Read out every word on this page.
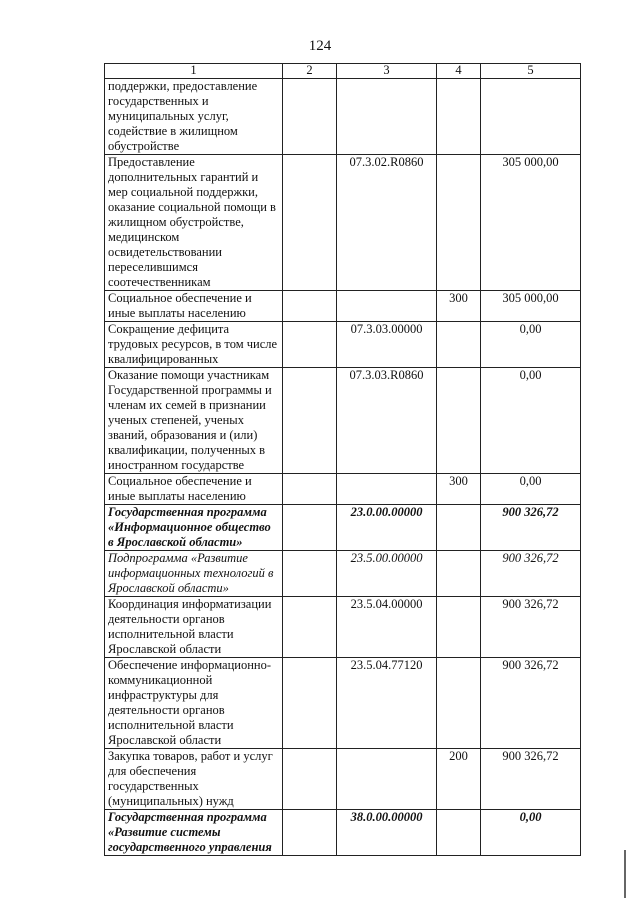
124
1	2	3	4	5
поддержки, предоставление государственных и муниципальных услуг, содействие в жилищном обустройстве				
Предоставление дополнительных гарантий и мер социальной поддержки, оказание социальной помощи в жилищном обустройстве, медицинском освидетельствовании переселившимся соотечественникам		07.3.02.R0860		305 000,00
Социальное обеспечение и иные выплаты населению			300	305 000,00
Сокращение дефицита трудовых ресурсов, в том числе квалифицированных		07.3.03.00000		0,00
Оказание помощи участникам Государственной программы и членам их семей в признании ученых степеней, ученых званий, образования и (или) квалификации, полученных в иностранном государстве		07.3.03.R0860		0,00
Социальное обеспечение и иные выплаты населению			300	0,00
Государственная программа «Информационное общество в Ярославской области»		23.0.00.00000		900 326,72
Подпрограмма «Развитие информационных технологий в Ярославской области»		23.5.00.00000		900 326,72
Координация информатизации деятельности органов исполнительной власти Ярославской области		23.5.04.00000		900 326,72
Обеспечение информационно-коммуникационной инфраструктуры для деятельности органов исполнительной власти Ярославской области		23.5.04.77120		900 326,72
Закупка товаров, работ и услуг для обеспечения государственных (муниципальных) нужд			200	900 326,72
Государственная программа «Развитие системы государственного управления		38.0.00.00000		0,00
